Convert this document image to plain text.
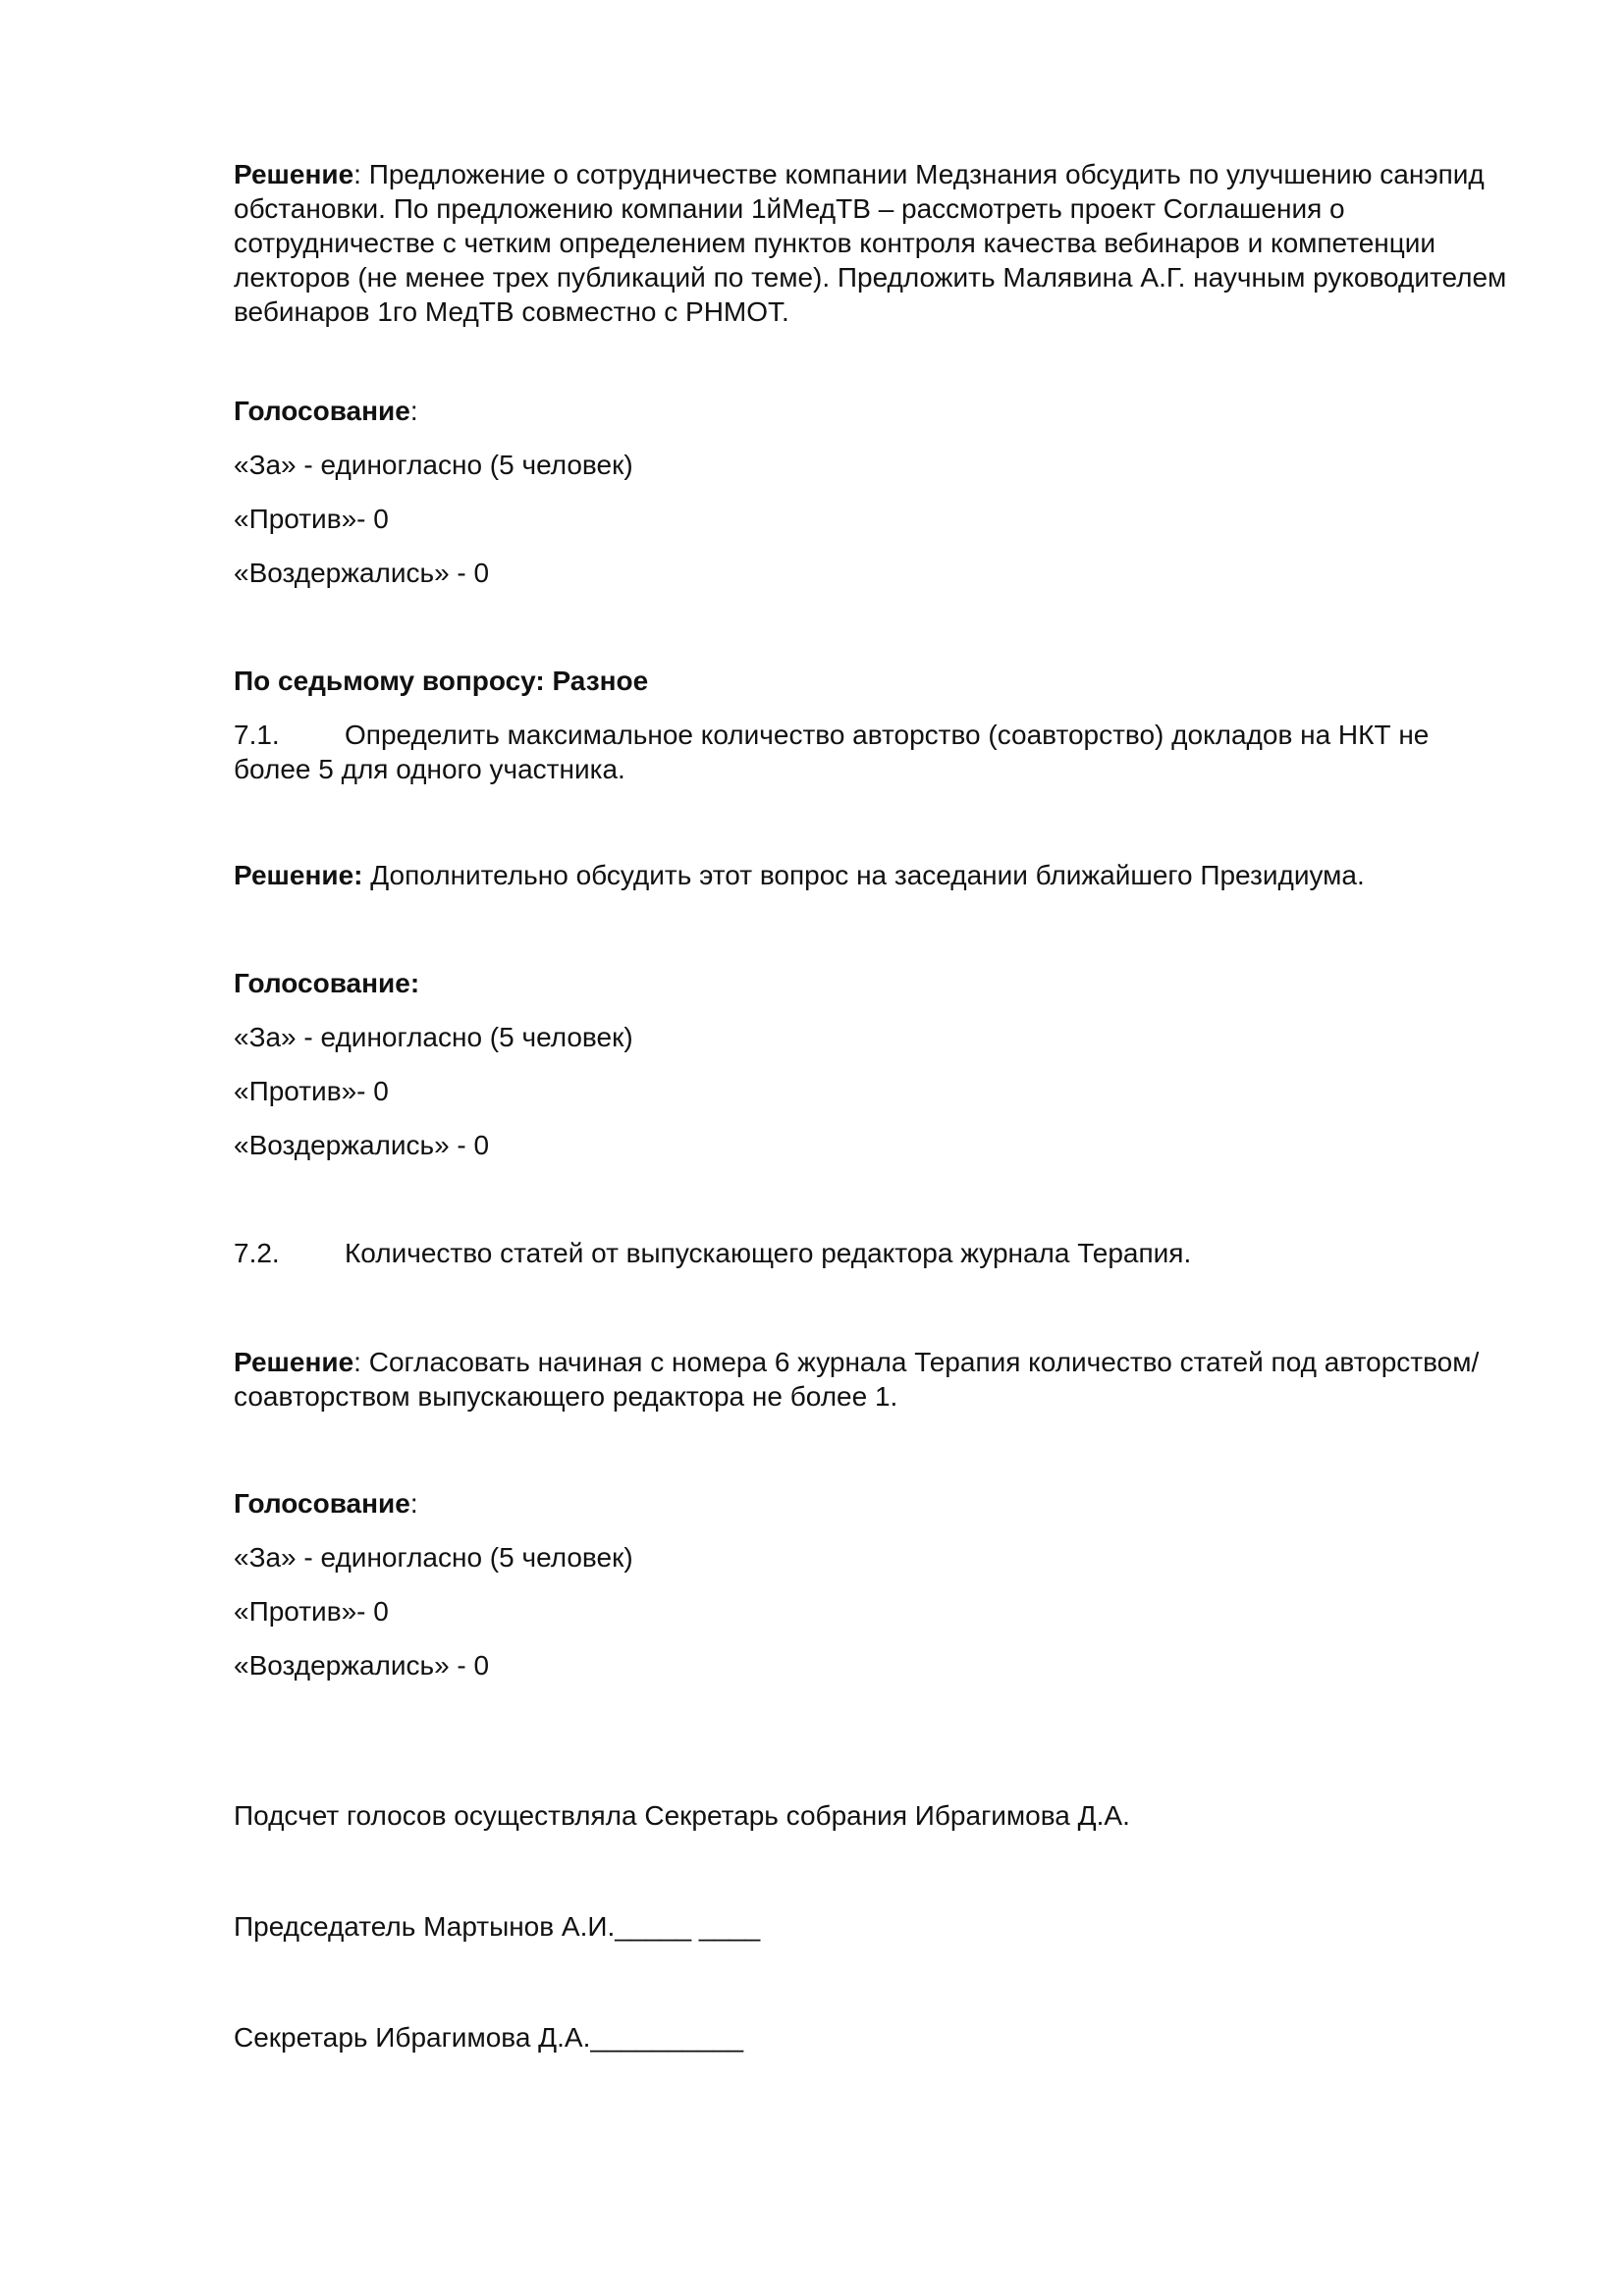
Решение: Предложение о сотрудничестве компании Медзнания обсудить по улучшению санэпид обстановки. По предложению компании 1йМедТВ – рассмотреть проект Соглашения о сотрудничестве с четким определением пунктов контроля качества вебинаров и компетенции лекторов (не менее трех публикаций по теме). Предложить Малявина А.Г. научным руководителем вебинаров 1го МедТВ совместно с РНМОТ.

Голосование:

«За» - единогласно (5 человек)

«Против»- 0

«Воздержались» - 0

По седьмому вопросу: Разное

7.1. Определить максимальное количество авторство (соавторство) докладов на НКТ не более 5 для одного участника.

Решение: Дополнительно обсудить этот вопрос на заседании ближайшего Президиума.

Голосование:

«За» - единогласно (5 человек)

«Против»- 0

«Воздержались» - 0

7.2. Количество статей от выпускающего редактора журнала Терапия.

Решение: Согласовать начиная с номера 6 журнала Терапия количество статей под авторством/соавторством выпускающего редактора не более 1.

Голосование:

«За» - единогласно (5 человек)

«Против»- 0

«Воздержались» - 0

Подсчет голосов осуществляла Секретарь собрания Ибрагимова Д.А.

Председатель Мартынов А.И._____ ____

Секретарь Ибрагимова Д.А.__________
